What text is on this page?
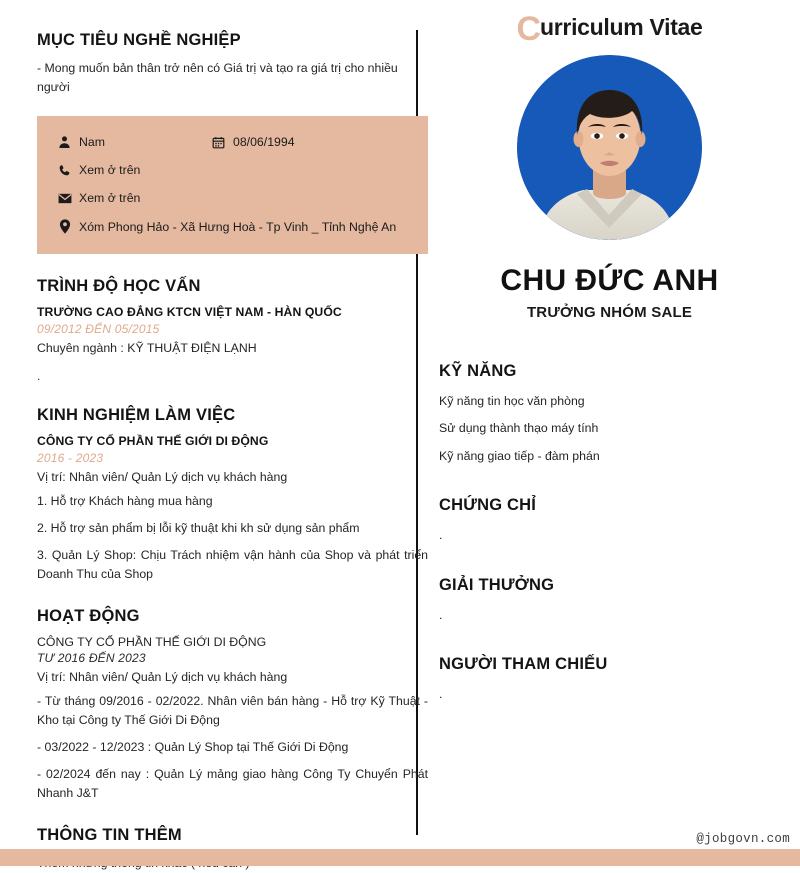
MỤC TIÊU NGHỀ NGHIỆP

- Mong muốn bản thân trở nên có Giá trị và tạo ra giá trị cho nhiều người

Nam	08/06/1994
Xem ở trên
Xem ở trên
Xóm Phong Hảo - Xã Hưng Hoà - Tp Vinh _ Tỉnh Nghệ An
TRÌNH ĐỘ HỌC VẤN

TRƯỜNG CAO ĐẲNG KTCN VIỆT NAM - HÀN QUỐC

09/2012 ĐẾN 05/2015

Chuyên ngành : KỸ THUẬT ĐIỆN LẠNH

.

KINH NGHIỆM LÀM VIỆC

CÔNG TY CỔ PHẦN THẾ GIỚI DI ĐỘNG

2016 - 2023

Vị trí: Nhân viên/ Quản Lý dịch vụ khách hàng

1. Hỗ trợ Khách hàng mua hàng

2. Hỗ trợ sản phẩm bị lỗi kỹ thuật khi kh sử dụng sản phẩm

3. Quản Lý Shop: Chịu Trách nhiệm vận hành của Shop và phát triển Doanh Thu của Shop

HOẠT ĐỘNG

CÔNG TY CỔ PHẦN THẾ GIỚI DI ĐỘNG

TƯ 2016 ĐẾN 2023

Vị trí: Nhân viên/ Quản Lý dịch vụ khách hàng

- Từ tháng 09/2016 - 02/2022. Nhân viên bán hàng - Hỗ trợ Kỹ Thuật - Kho tại Công ty Thế Giới Di Động

- 03/2022 - 12/2023 : Quản Lý Shop tại Thế Giới Di Động

- 02/2024 đến nay : Quản Lý mảng giao hàng Công Ty Chuyển Phát Nhanh J&T

THÔNG TIN THÊM

Curriculum Vitae
CHU ĐỨC ANH

TRƯỞNG NHÓM SALE

KỸ NĂNG

Kỹ năng tin học văn phòng

Sử dụng thành thạo máy tính

Kỹ năng giao tiếp - đàm phán

CHỨNG CHỈ

.

GIẢI THƯỞNG

.

NGƯỜI THAM CHIẾU

.

@jobgovn.com
